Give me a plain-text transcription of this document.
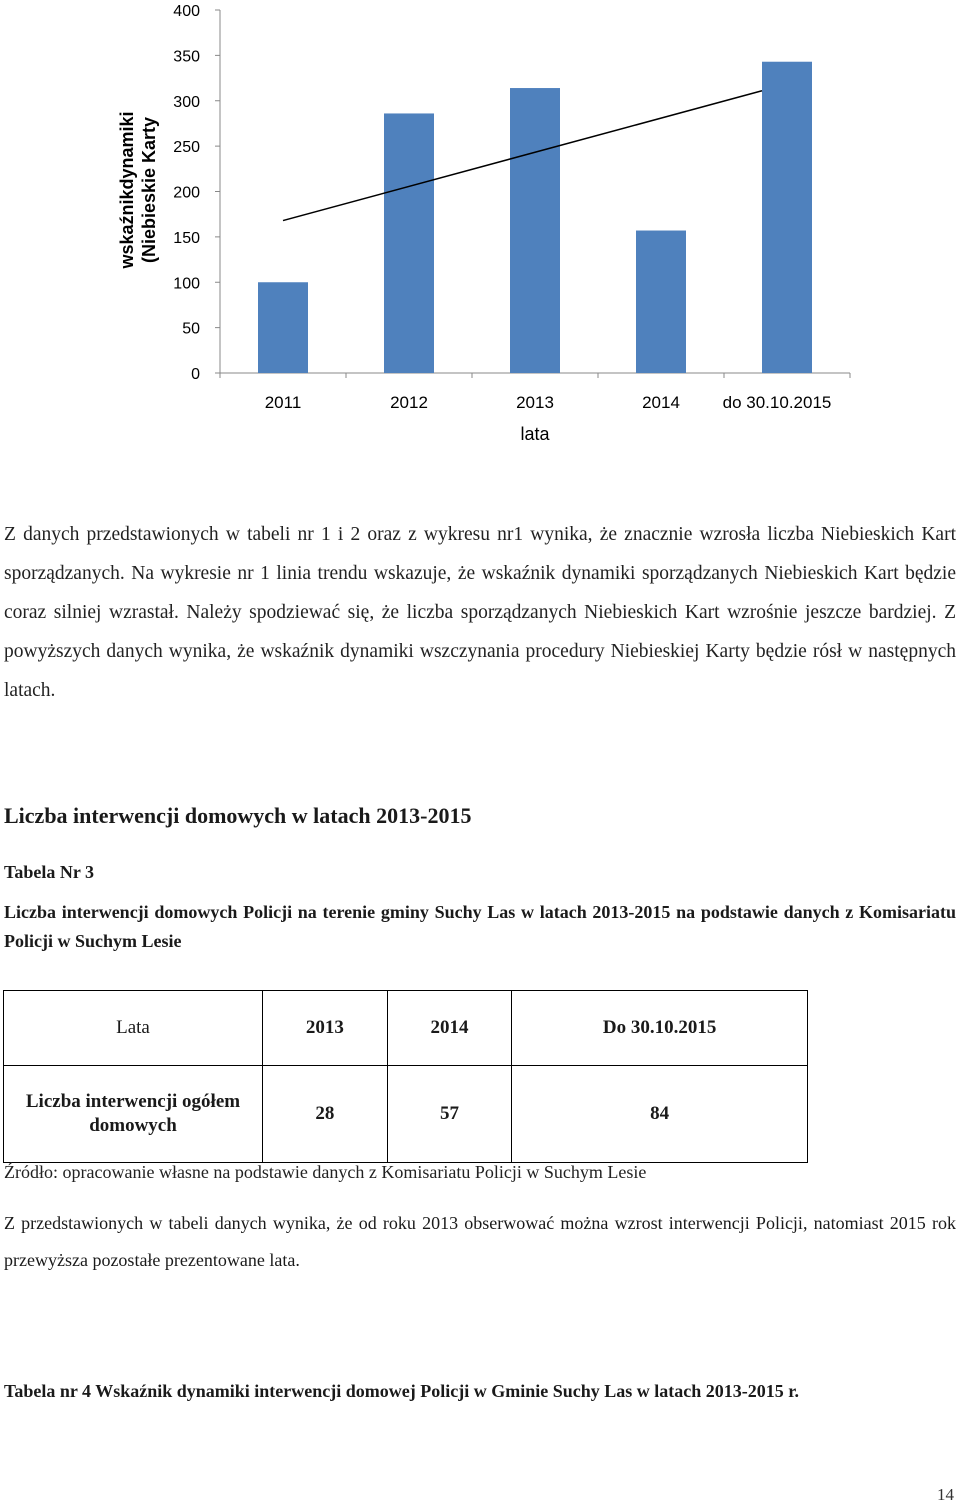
0
50
100
150
200
250
300
350
400
2011	2012	2013	2014	do 30.10.2015
lata
wskaźnikdynamiki (Niebieskie Karty

Z danych przedstawionych w tabeli nr 1 i 2 oraz z wykresu nr1 wynika, że znacznie wzrosła liczba Niebieskich Kart sporządzanych. Na wykresie nr 1 linia trendu wskazuje, że wskaźnik dynamiki sporządzanych Niebieskich Kart będzie coraz silniej wzrastał. Należy spodziewać się, że liczba sporządzanych Niebieskich Kart wzrośnie jeszcze bardziej. Z powyższych danych wynika, że wskaźnik dynamiki wszczynania procedury Niebieskiej Karty będzie rósł w następnych latach.

Liczba interwencji domowych w latach 2013-2015

Tabela Nr 3

Liczba interwencji domowych Policji na terenie gminy Suchy Las w latach 2013-2015 na podstawie danych z Komisariatu Policji w Suchym Lesie

Lata	2013	2014	Do 30.10.2015
Liczba interwencji ogółem domowych	28	57	84

Źródło: opracowanie własne na podstawie danych z Komisariatu Policji w Suchym Lesie

Z przedstawionych w tabeli danych wynika, że od roku 2013 obserwować można wzrost interwencji Policji, natomiast 2015 rok przewyższa pozostałe prezentowane lata.

Tabela nr 4 Wskaźnik dynamiki interwencji domowej Policji w Gminie Suchy Las w latach 2013-2015 r.

14
